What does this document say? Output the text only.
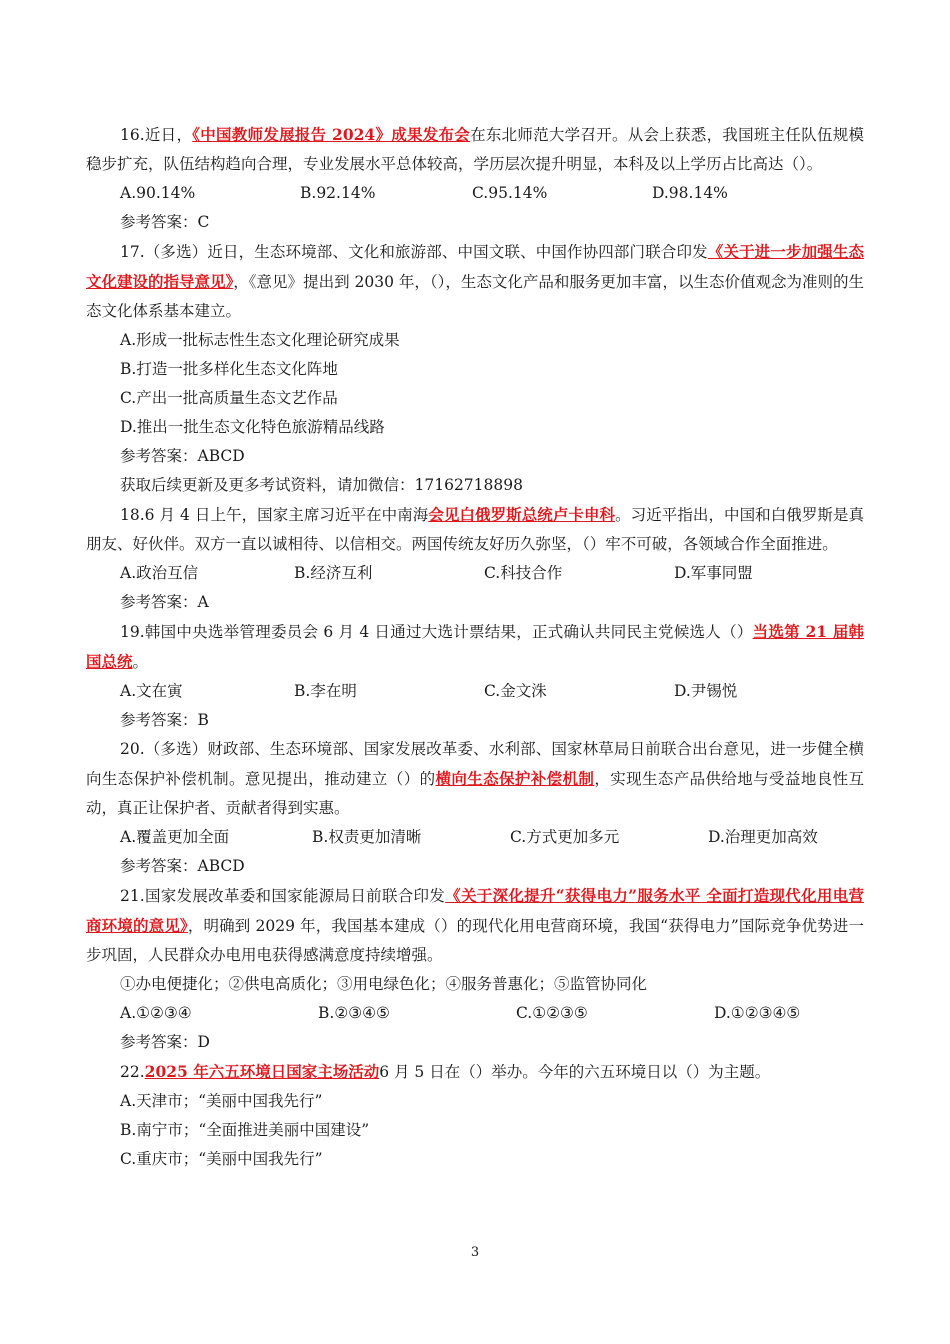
16.近日，《中国教师发展报告 2024》成果发布会在东北师范大学召开。从会上获悉，我国班主任队伍规模稳步扩充，队伍结构趋向合理，专业发展水平总体较高，学历层次提升明显，本科及以上学历占比高达（）。

A.90.14%	B.92.14%	C.95.14%	D.98.14%

参考答案：C

17.（多选）近日，生态环境部、文化和旅游部、中国文联、中国作协四部门联合印发《关于进一步加强生态文化建设的指导意见》，《意见》提出到 2030 年，（），生态文化产品和服务更加丰富，以生态价值观念为准则的生态文化体系基本建立。

A.形成一批标志性生态文化理论研究成果

B.打造一批多样化生态文化阵地

C.产出一批高质量生态文艺作品

D.推出一批生态文化特色旅游精品线路

参考答案：ABCD

获取后续更新及更多考试资料，请加微信：17162718898

18.6 月 4 日上午，国家主席习近平在中南海会见白俄罗斯总统卢卡申科。习近平指出，中国和白俄罗斯是真朋友、好伙伴。双方一直以诚相待、以信相交。两国传统友好历久弥坚，（）牢不可破，各领域合作全面推进。

A.政治互信	B.经济互利	C.科技合作	D.军事同盟

参考答案：A

19.韩国中央选举管理委员会 6 月 4 日通过大选计票结果，正式确认共同民主党候选人（）当选第 21 届韩国总统。

A.文在寅	B.李在明	C.金文洙	D.尹锡悦

参考答案：B

20.（多选）财政部、生态环境部、国家发展改革委、水利部、国家林草局日前联合出台意见，进一步健全横向生态保护补偿机制。意见提出，推动建立（）的横向生态保护补偿机制，实现生态产品供给地与受益地良性互动，真正让保护者、贡献者得到实惠。

A.覆盖更加全面	B.权责更加清晰	C.方式更加多元	D.治理更加高效

参考答案：ABCD

21.国家发展改革委和国家能源局日前联合印发《关于深化提升“获得电力”服务水平 全面打造现代化用电营商环境的意见》，明确到 2029 年，我国基本建成（）的现代化用电营商环境，我国“获得电力”国际竞争优势进一步巩固，人民群众办电用电获得感满意度持续增强。

①办电便捷化；②供电高质化；③用电绿色化；④服务普惠化；⑤监管协同化

A.①②③④	B.②③④⑤	C.①②③⑤	D.①②③④⑤

参考答案：D

22.2025 年六五环境日国家主场活动6 月 5 日在（）举办。今年的六五环境日以（）为主题。

A.天津市；“美丽中国我先行”

B.南宁市；“全面推进美丽中国建设”

C.重庆市；“美丽中国我先行”

3
